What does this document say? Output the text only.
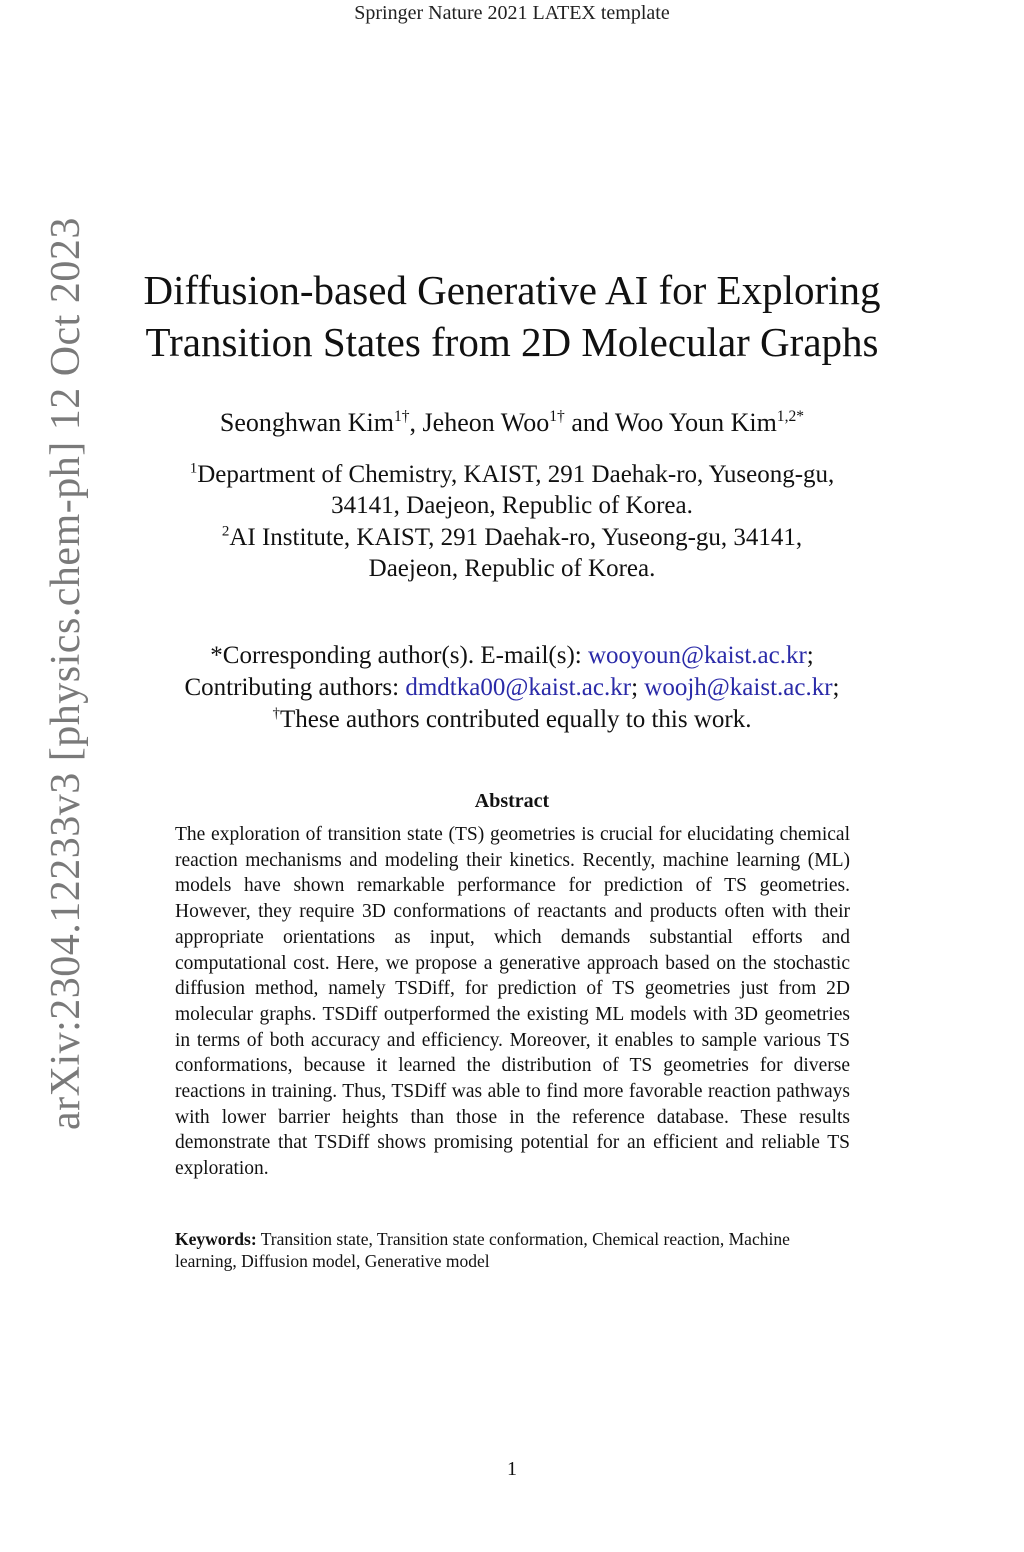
Springer Nature 2021 LATEX template
arXiv:2304.12233v3 [physics.chem-ph] 12 Oct 2023	Diffusion-based Generative AI for Exploring
Transition States from 2D Molecular Graphs
Seonghwan Kim$^{1\dagger}$, Jeheon Woo$^{1\dagger}$ and Woo Youn Kim$^{1,2*}$
$^1$Department of Chemistry, KAIST, 291 Daehak-ro, Yuseong-gu,
34141, Daejeon, Republic of Korea.
$^2$AI Institute, KAIST, 291 Daehak-ro, Yuseong-gu, 34141,
Daejeon, Republic of Korea.
*Corresponding author(s). E-mail(s): wooyoun@kaist.ac.kr;
Contributing authors: dmdtka00@kaist.ac.kr; woojh@kaist.ac.kr;
†These authors contributed equally to this work.
Abstract

The exploration of transition state (TS) geometries is crucial for elucidating chemical reaction mechanisms and modeling their kinetics. Recently, machine learning (ML) models have shown remarkable performance for prediction of TS geometries. However, they require 3D conformations of reactants and products often with their appropriate orientations as input, which demands substantial efforts and computational cost. Here, we propose a generative approach based on the stochastic diffusion method, namely TSDiff, for prediction of TS geometries just from 2D molecular graphs. TSDiff outperformed the existing ML models with 3D geometries in terms of both accuracy and efficiency. Moreover, it enables to sample various TS conformations, because it learned the distribution of TS geometries for diverse reactions in training. Thus, TSDiff was able to find more favorable reaction pathways with lower barrier heights than those in the reference database. These results demonstrate that TSDiff shows promising potential for an efficient and reliable TS exploration.

Keywords: Transition state, Transition state conformation, Chemical reaction, Machine learning, Diffusion model, Generative model
1
